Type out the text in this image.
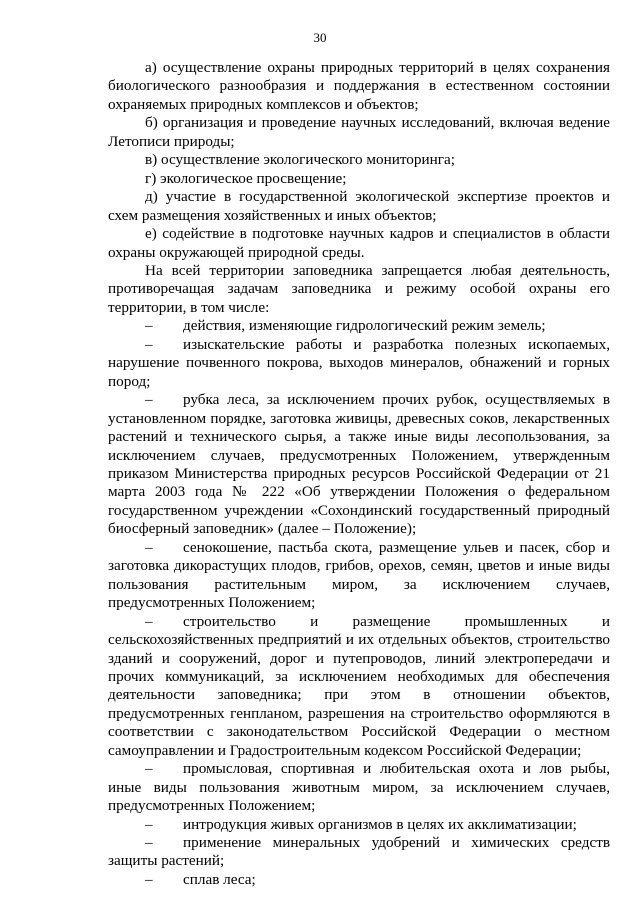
30

а) осуществление охраны природных территорий в целях сохранения биологического разнообразия и поддержания в естественном состоянии охраняемых природных комплексов и объектов;

б) организация и проведение научных исследований, включая ведение Летописи природы;

в) осуществление экологического мониторинга;

г) экологическое просвещение;

д) участие в государственной экологической экспертизе проектов и схем размещения хозяйственных и иных объектов;

е) содействие в подготовке научных кадров и специалистов в области охраны окружающей природной среды.

На всей территории заповедника запрещается любая деятельность, противоречащая задачам заповедника и режиму особой охраны его территории, в том числе:

– действия, изменяющие гидрологический режим земель;

– изыскательские работы и разработка полезных ископаемых, нарушение почвенного покрова, выходов минералов, обнажений и горных пород;

– рубка леса, за исключением прочих рубок, осуществляемых в установленном порядке, заготовка живицы, древесных соков, лекарственных растений и технического сырья, а также иные виды лесопользования, за исключением случаев, предусмотренных Положением, утвержденным приказом Министерства природных ресурсов Российской Федерации от 21 марта 2003 года № 222 «Об утверждении Положения о федеральном государственном учреждении «Сохондинский государственный природный биосферный заповедник» (далее – Положение);

– сенокошение, пастьба скота, размещение ульев и пасек, сбор и заготовка дикорастущих плодов, грибов, орехов, семян, цветов и иные виды пользования растительным миром, за исключением случаев, предусмотренных Положением;

– строительство и размещение промышленных и сельскохозяйственных предприятий и их отдельных объектов, строительство зданий и сооружений, дорог и путепроводов, линий электропередачи и прочих коммуникаций, за исключением необходимых для обеспечения деятельности заповедника; при этом в отношении объектов, предусмотренных генпланом, разрешения на строительство оформляются в соответствии с законодательством Российской Федерации о местном самоуправлении и Градостроительным кодексом Российской Федерации;

– промысловая, спортивная и любительская охота и лов рыбы, иные виды пользования животным миром, за исключением случаев, предусмотренных Положением;

– интродукция живых организмов в целях их акклиматизации;

– применение минеральных удобрений и химических средств защиты растений;

– сплав леса;
